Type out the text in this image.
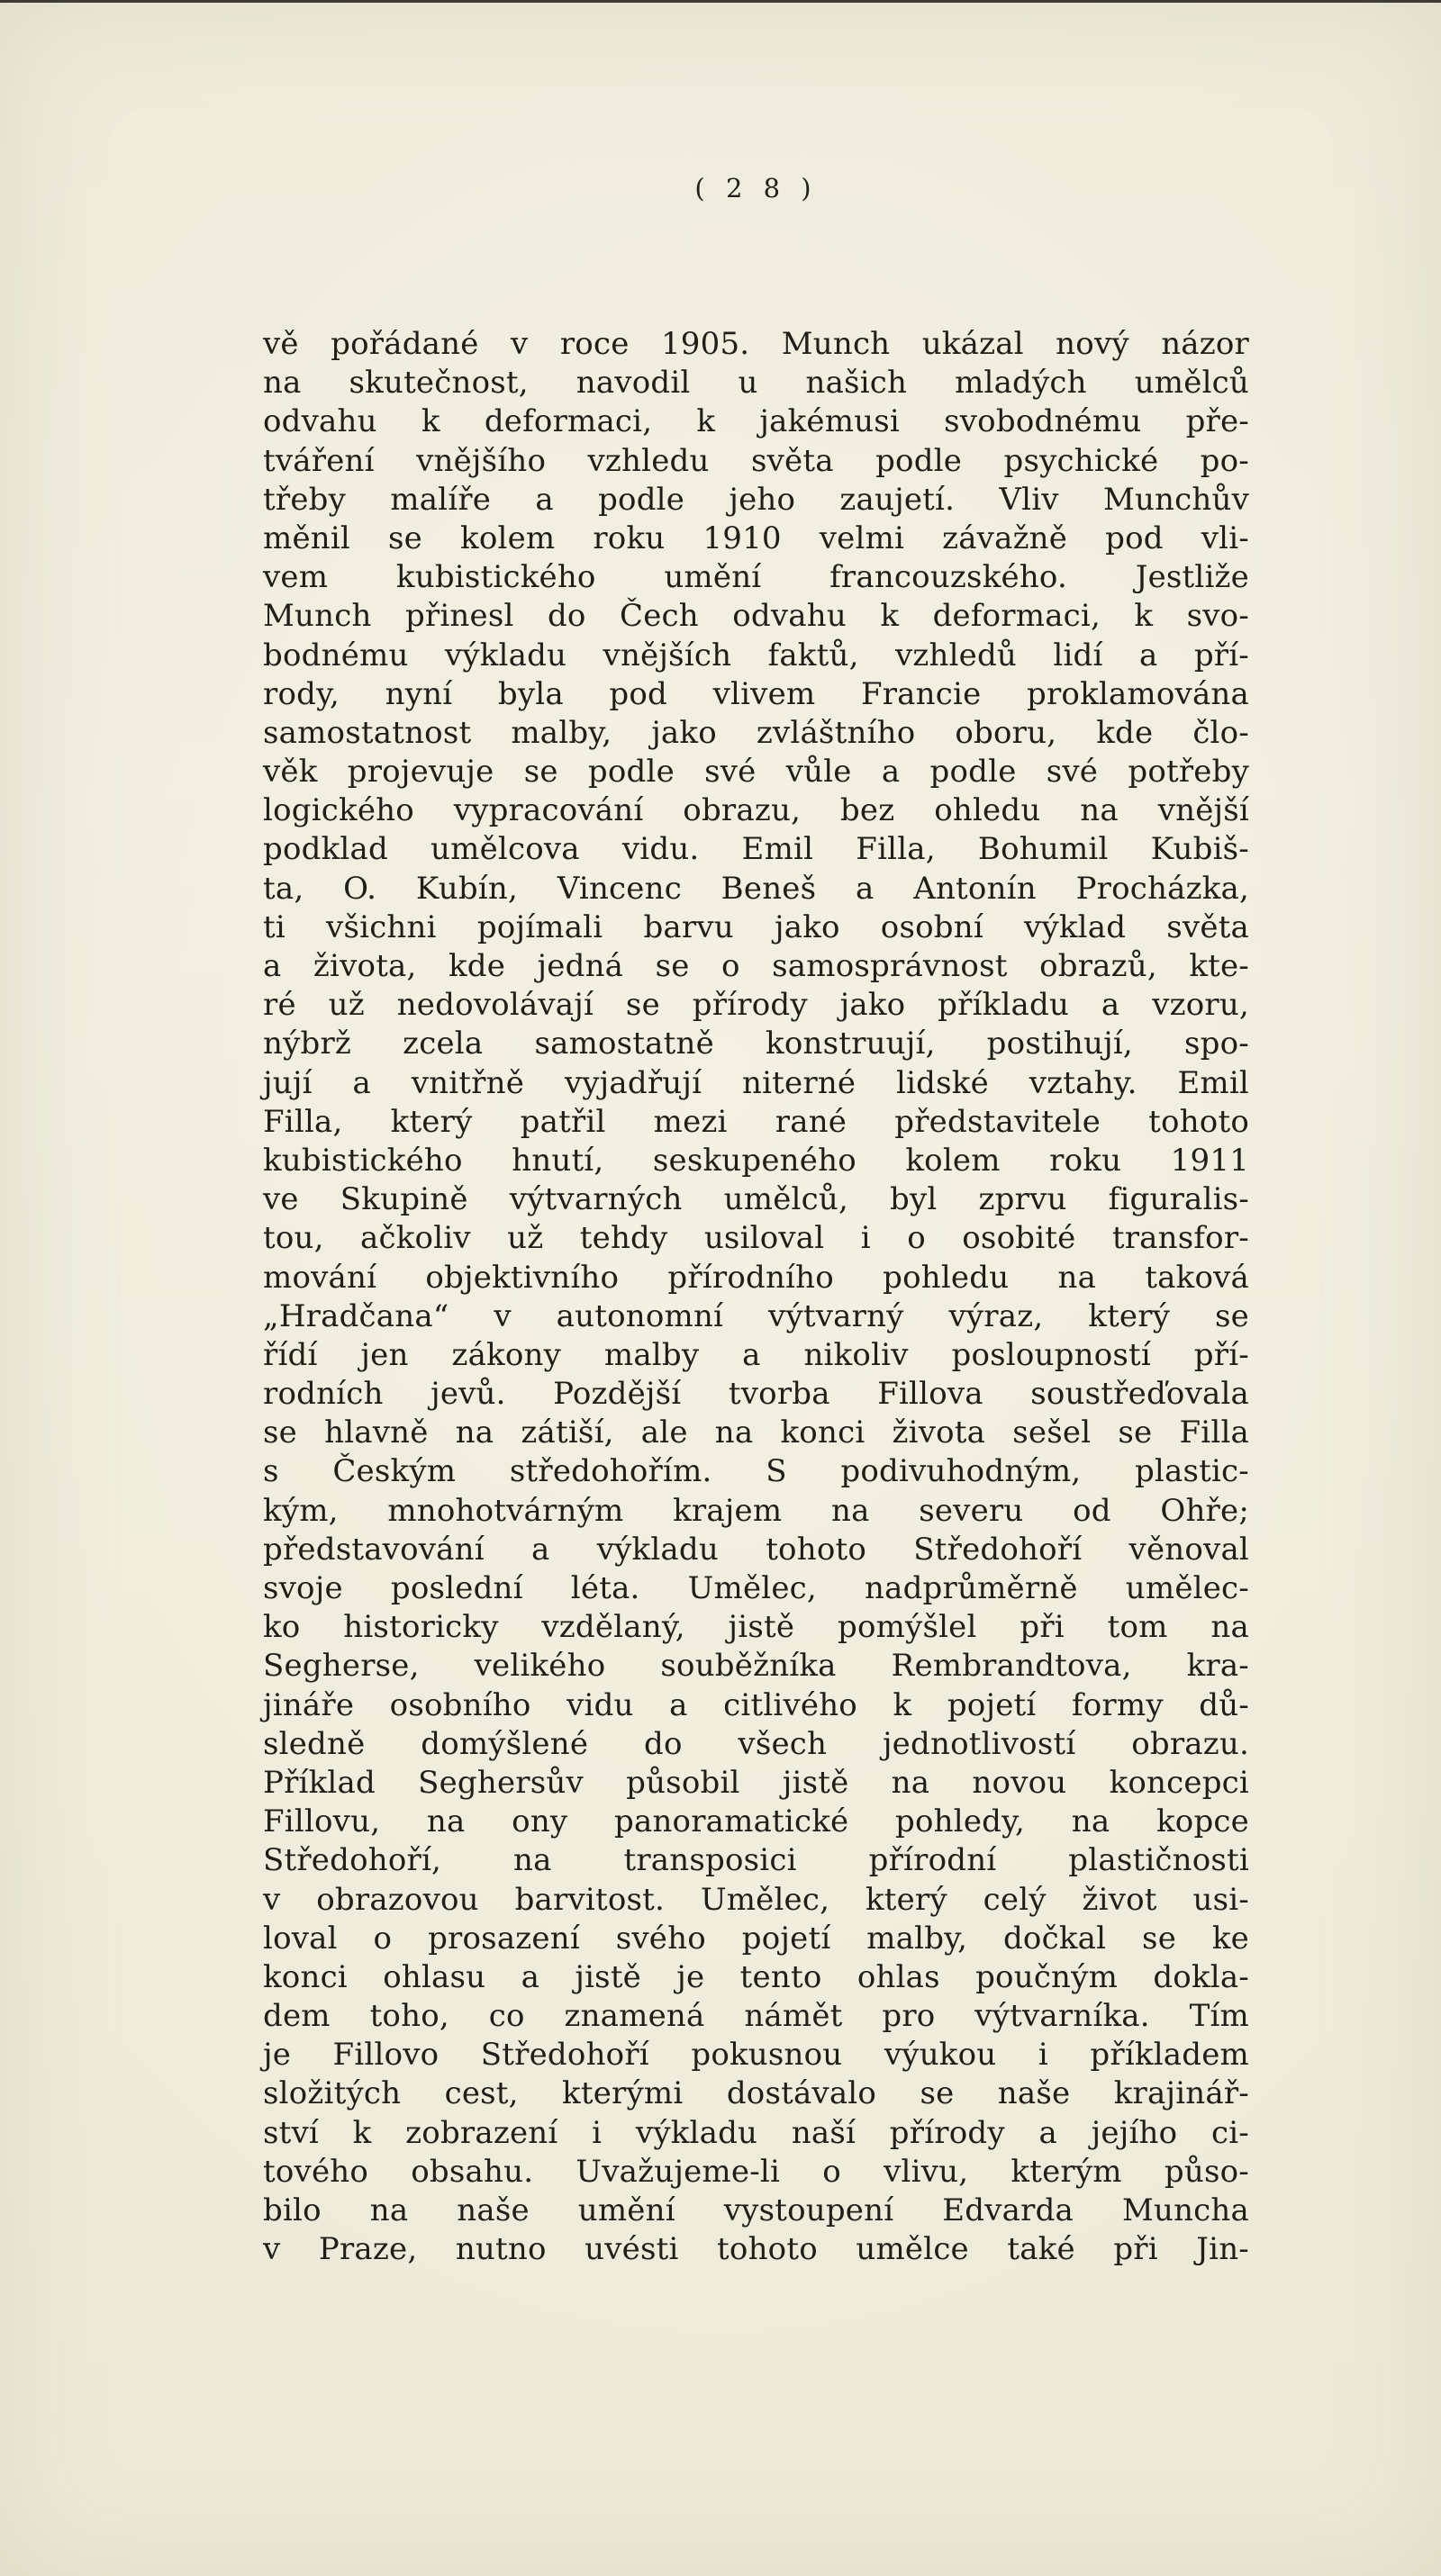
( 2 8 )
vě pořádané v roce 1905. Munch ukázal nový názor
na skutečnost, navodil u našich mladých umělců
odvahu k deformaci, k jakémusi svobodnému pře-
tváření vnějšího vzhledu světa podle psychické po-
třeby malíře a podle jeho zaujetí. Vliv Munchův
měnil se kolem roku 1910 velmi závažně pod vli-
vem kubistického umění francouzského. Jestliže
Munch přinesl do Čech odvahu k deformaci, k svo-
bodnému výkladu vnějších faktů, vzhledů lidí a pří-
rody, nyní byla pod vlivem Francie proklamována
samostatnost malby, jako zvláštního oboru, kde člo-
věk projevuje se podle své vůle a podle své potřeby
logického vypracování obrazu, bez ohledu na vnější
podklad umělcova vidu. Emil Filla, Bohumil Kubiš-
ta, O. Kubín, Vincenc Beneš a Antonín Procházka,
ti všichni pojímali barvu jako osobní výklad světa
a života, kde jedná se o samosprávnost obrazů, kte-
ré už nedovolávají se přírody jako příkladu a vzoru,
nýbrž zcela samostatně konstruují, postihují, spo-
jují a vnitřně vyjadřují niterné lidské vztahy. Emil
Filla, který patřil mezi rané představitele tohoto
kubistického hnutí, seskupeného kolem roku 1911
ve Skupině výtvarných umělců, byl zprvu figuralis-
tou, ačkoliv už tehdy usiloval i o osobité transfor-
mování objektivního přírodního pohledu na taková
„Hradčana“ v autonomní výtvarný výraz, který se
řídí jen zákony malby a nikoliv posloupností pří-
rodních jevů. Pozdější tvorba Fillova soustřeďovala
se hlavně na zátiší, ale na konci života sešel se Filla
s Českým středohořím. S podivuhodným, plastic-
kým, mnohotvárným krajem na severu od Ohře;
představování a výkladu tohoto Středohoří věnoval
svoje poslední léta. Umělec, nadprůměrně umělec-
ko historicky vzdělaný, jistě pomýšlel při tom na
Segherse, velikého souběžníka Rembrandtova, kra-
jináře osobního vidu a citlivého k pojetí formy dů-
sledně domýšlené do všech jednotlivostí obrazu.
Příklad Seghersův působil jistě na novou koncepci
Fillovu, na ony panoramatické pohledy, na kopce
Středohoří, na transposici přírodní plastičnosti
v obrazovou barvitost. Umělec, který celý život usi-
loval o prosazení svého pojetí malby, dočkal se ke
konci ohlasu a jistě je tento ohlas poučným dokla-
dem toho, co znamená námět pro výtvarníka. Tím
je Fillovo Středohoří pokusnou výukou i příkladem
složitých cest, kterými dostávalo se naše krajinář-
ství k zobrazení i výkladu naší přírody a jejího ci-
tového obsahu. Uvažujeme-li o vlivu, kterým půso-
bilo na naše umění vystoupení Edvarda Muncha
v Praze, nutno uvésti tohoto umělce také při Jin-
